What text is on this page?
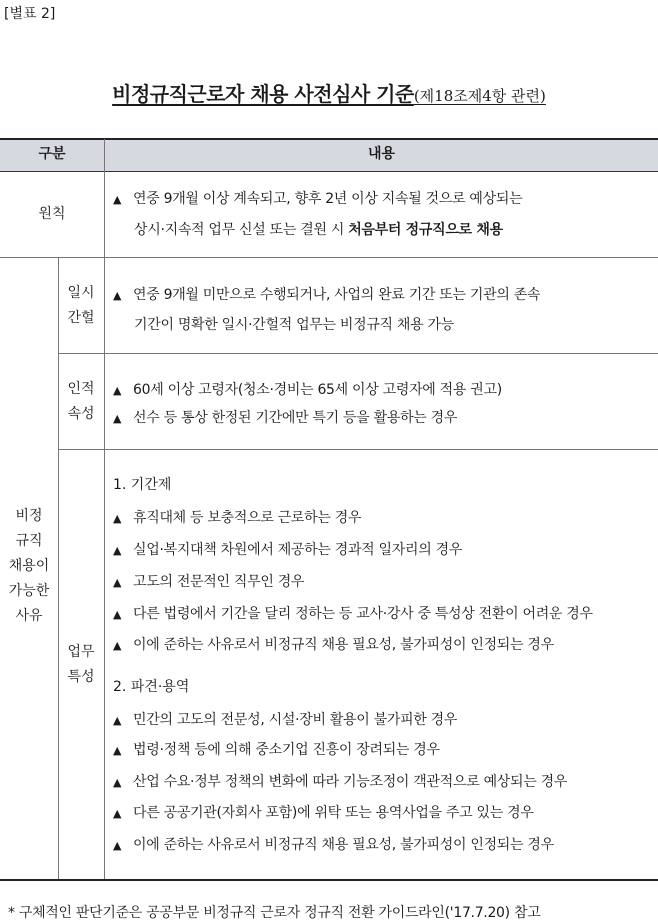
[별표 2]
비정규직근로자 채용 사전심사 기준(제18조제4항 관련)
구분	내용
원칙
▲ 연중 9개월 이상 계속되고, 향후 2년 이상 지속될 것으로 예상되는
상시·지속적 업무 신설 또는 결원 시 처음부터 정규직으로 채용
비정
규직
채용이
가능한
사유
일시
간헐
▲ 연중 9개월 미만으로 수행되거나, 사업의 완료 기간 또는 기관의 존속
기간이 명확한 일시·간헐적 업무는 비정규직 채용 가능
인적
속성
▲ 60세 이상 고령자(청소·경비는 65세 이상 고령자에 적용 권고)
▲ 선수 등 통상 한정된 기간에만 특기 등을 활용하는 경우
업무
특성
1. 기간제
▲ 휴직대체 등 보충적으로 근로하는 경우
▲ 실업·복지대책 차원에서 제공하는 경과적 일자리의 경우
▲ 고도의 전문적인 직무인 경우
▲ 다른 법령에서 기간을 달리 정하는 등 교사·강사 중 특성상 전환이 어려운 경우
▲ 이에 준하는 사유로서 비정규직 채용 필요성, 불가피성이 인정되는 경우
2. 파견·용역
▲ 민간의 고도의 전문성, 시설·장비 활용이 불가피한 경우
▲ 법령·정책 등에 의해 중소기업 진흥이 장려되는 경우
▲ 산업 수요·정부 정책의 변화에 따라 기능조정이 객관적으로 예상되는 경우
▲ 다른 공공기관(자회사 포함)에 위탁 또는 용역사업을 주고 있는 경우
▲ 이에 준하는 사유로서 비정규직 채용 필요성, 불가피성이 인정되는 경우
* 구체적인 판단기준은 공공부문 비정규직 근로자 정규직 전환 가이드라인('17.7.20) 참고
